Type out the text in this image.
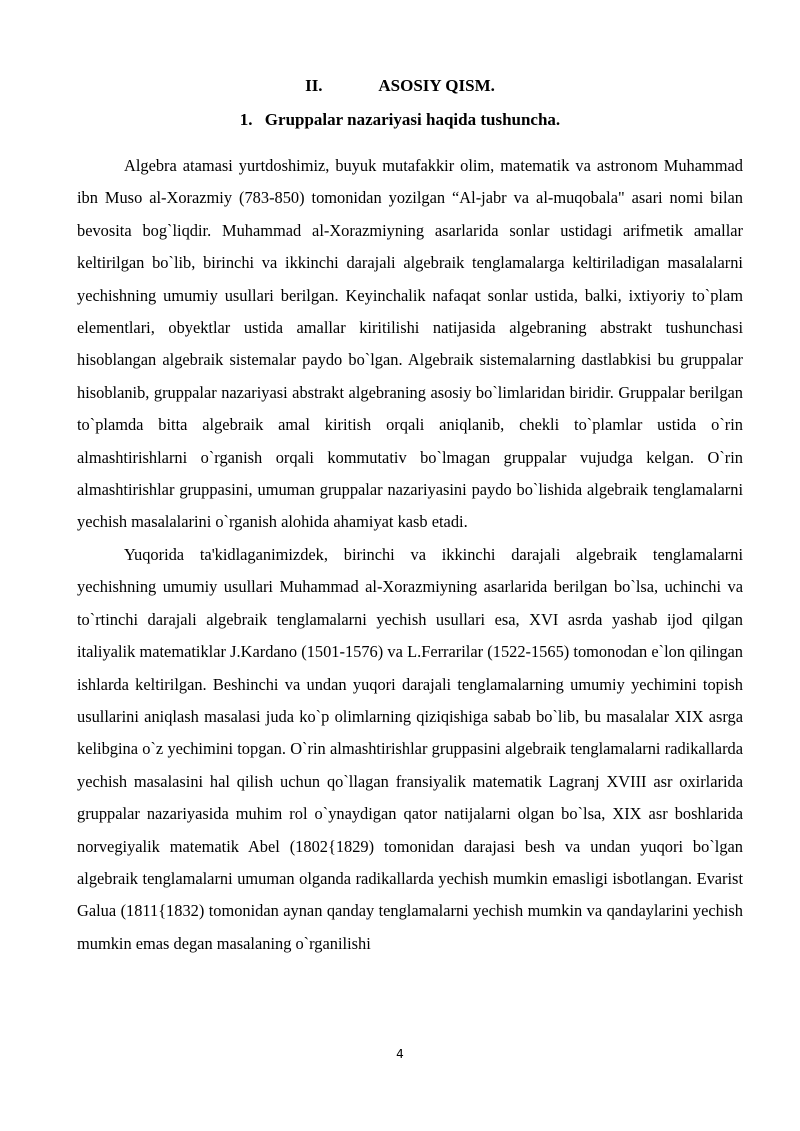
II.	ASOSIY QISM.
1. Gruppalar nazariyasi haqida tushuncha.

Algebra atamasi yurtdoshimiz, buyuk mutafakkir olim, matematik va astronom Muhammad ibn Muso al-Xorazmiy (783-850) tomonidan yozilgan “Al-jabr va al-muqobala" asari nomi bilan bevosita bog`liqdir. Muhammad al-Xorazmiyning asarlarida sonlar ustidagi arifmetik amallar keltirilgan bo`lib, birinchi va ikkinchi darajali algebraik tenglamalarga keltiriladigan masalalarni yechishning umumiy usullari berilgan. Keyinchalik nafaqat sonlar ustida, balki, ixtiyoriy to`plam elementlari, obyektlar ustida amallar kiritilishi natijasida algebraning abstrakt tushunchasi hisoblangan algebraik sistemalar paydo bo`lgan. Algebraik sistemalarning dastlabkisi bu gruppalar hisoblanib, gruppalar nazariyasi abstrakt algebraning asosiy bo`limlaridan biridir. Gruppalar berilgan to`plamda bitta algebraik amal kiritish orqali aniqlanib, chekli to`plamlar ustida o`rin almashtirishlarni o`rganish orqali kommutativ bo`lmagan gruppalar vujudga kelgan. O`rin almashtirishlar gruppasini, umuman gruppalar nazariyasini paydo bo`lishida algebraik tenglamalarni yechish masalalarini o`rganish alohida ahamiyat kasb etadi.

Yuqorida ta'kidlaganimizdek, birinchi va ikkinchi darajali algebraik tenglamalarni yechishning umumiy usullari Muhammad al-Xorazmiyning asarlarida berilgan bo`lsa, uchinchi va to`rtinchi darajali algebraik tenglamalarni yechish usullari esa, XVI asrda yashab ijod qilgan italiyalik matematiklar J.Kardano (1501-1576) va L.Ferrarilar (1522-1565) tomonodan e`lon qilingan ishlarda keltirilgan. Beshinchi va undan yuqori darajali tenglamalarning umumiy yechimini topish usullarini aniqlash masalasi juda ko`p olimlarning qiziqishiga sabab bo`lib, bu masalalar XIX asrga kelibgina o`z yechimini topgan. O`rin almashtirishlar gruppasini algebraik tenglamalarni radikallarda yechish masalasini hal qilish uchun qo`llagan fransiyalik matematik Lagranj XVIII asr oxirlarida gruppalar nazariyasida muhim rol o`ynaydigan qator natijalarni olgan bo`lsa, XIX asr boshlarida norvegiyalik matematik Abel (1802{1829) tomonidan darajasi besh va undan yuqori bo`lgan algebraik tenglamalarni umuman olganda radikallarda yechish mumkin emasligi isbotlangan. Evarist Galua (1811{1832) tomonidan aynan qanday tenglamalarni yechish mumkin va qandaylarini yechish mumkin emas degan masalaning o`rganilishi

4
